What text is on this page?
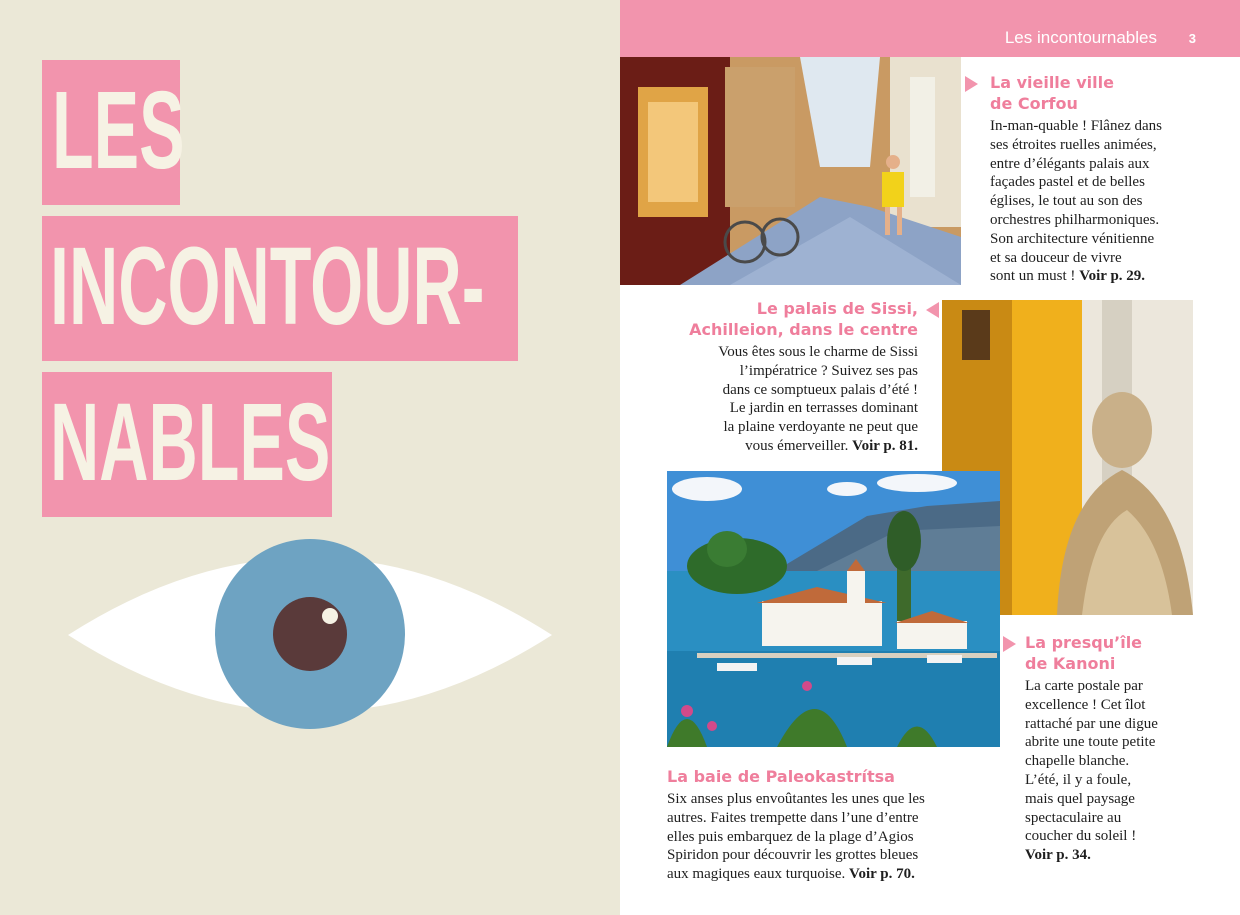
LES
INCONTOUR-
NABLES
Les incontournables 3
La vieille ville
de Corfou
In-man-quable ! Flânez dans
ses étroites ruelles animées,
entre d’élégants palais aux
façades pastel et de belles
églises, le tout au son des
orchestres philharmoniques.
Son architecture vénitienne
et sa douceur de vivre
sont un must ! Voir p. 29.
Le palais de Sissi,
Achilleion, dans le centre
Vous êtes sous le charme de Sissi
l’impératrice ? Suivez ses pas
dans ce somptueux palais d’été !
Le jardin en terrasses dominant
la plaine verdoyante ne peut que
vous émerveiller. Voir p. 81.
La baie de Paleokastrítsa
Six anses plus envoûtantes les unes que les
autres. Faites trempette dans l’une d’entre
elles puis embarquez de la plage d’Agios
Spiridon pour découvrir les grottes bleues
aux magiques eaux turquoise. Voir p. 70.
La presqu’île
de Kanoni
La carte postale par
excellence ! Cet îlot
rattaché par une digue
abrite une toute petite
chapelle blanche.
L’été, il y a foule,
mais quel paysage
spectaculaire au
coucher du soleil !
Voir p. 34.
